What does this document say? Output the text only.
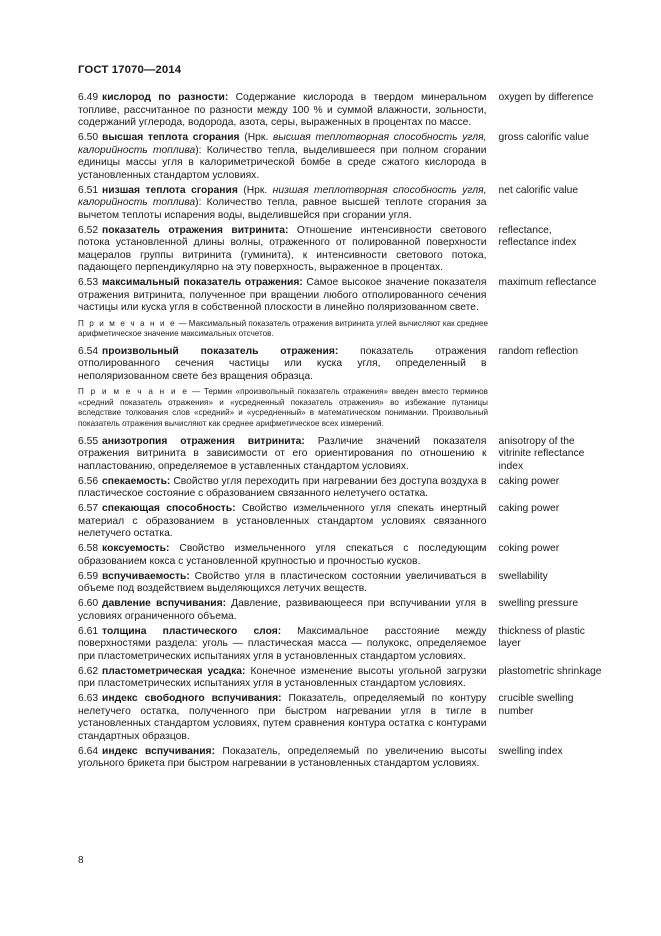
ГОСТ 17070—2014
6.49 кислород по разности: Содержание кислорода в твердом минеральном топливе, рассчитанное по разности между 100 % и суммой влажности, зольности, содержаний углерода, водорода, азота, серы, выраженных в процентах по массе.
oxygen by difference
6.50 высшая теплота сгорания (Нрк. высшая теплотворная способность угля, калорийность топлива): Количество тепла, выделившееся при полном сгорании единицы массы угля в калориметрической бомбе в среде сжатого кислорода в установленных стандартом условиях.
gross calorific value
6.51 низшая теплота сгорания (Нрк. низшая теплотворная способность угля, калорийность топлива): Количество тепла, равное высшей теплоте сгорания за вычетом теплоты испарения воды, выделившейся при сгорании угля.
net calorific value
6.52 показатель отражения витринита: Отношение интенсивности светового потока установленной длины волны, отраженного от полированной поверхности мацералов группы витринита (гуминита), к интенсивности светового потока, падающего перпендикулярно на эту поверхность, выраженное в процентах.
reflectance,
reflectance index
6.53 максимальный показатель отражения: Самое высокое значение показателя отражения витринита, полученное при вращении любого отполированного сечения частицы или куска угля в собственной плоскости в линейно поляризованном свете.
maximum reflectance
П р и м е ч а н и е — Максимальный показатель отражения витринита углей вычисляют как среднее арифметическое значение максимальных отсчетов.
6.54 произвольный показатель отражения: показатель отражения отполированного сечения частицы или куска угля, определенный в неполяризованном свете без вращения образца.
random reflection
П р и м е ч а н и е — Термин «произвольный показатель отражения» введен вместо терминов «средний показатель отражения» и «усредненный показатель отражения» во избежание путаницы вследствие толкования слов «средний» и «усредненный» в математическом понимании. Произвольный показатель отражения вычисляют как среднее арифметическое всех измерений.
6.55 анизотропия отражения витринита: Различие значений показателя отражения витринита в зависимости от его ориентирования по отношению к напластованию, определяемое в уставленных стандартом условиях.
anisotropy of the
vitrinite reflectance
index
6.56 спекаемость: Свойство угля переходить при нагревании без доступа воздуха в пластическое состояние с образованием связанного нелетучего остатка.
caking power
6.57 спекающая способность: Свойство измельченного угля спекать инертный материал с образованием в установленных стандартом условиях связанного нелетучего остатка.
caking power
6.58 коксуемость: Свойство измельченного угля спекаться с последующим образованием кокса с установленной крупностью и прочностью кусков.
coking power
6.59 вспучиваемость: Свойство угля в пластическом состоянии увеличиваться в объеме под воздействием выделяющихся летучих веществ.
swellability
6.60 давление вспучивания: Давление, развивающееся при вспучивании угля в условиях ограниченного объема.
swelling pressure
6.61 толщина пластического слоя: Максимальное расстояние между поверхностями раздела: уголь — пластическая масса — полукокс, определяемое при пластометрических испытаниях угля в установленных стандартом условиях.
thickness of plastic
layer
6.62 пластометрическая усадка: Конечное изменение высоты угольной загрузки при пластометрических испытаниях угля в установленных стандартом условиях.
plastometric shrinkage
6.63 индекс свободного вспучивания: Показатель, определяемый по контуру нелетучего остатка, полученного при быстром нагревании угля в тигле в установленных стандартом условиях, путем сравнения контура остатка с контурами стандартных образцов.
crucible swelling
number
6.64 индекс вспучивания: Показатель, определяемый по увеличению высоты угольного брикета при быстром нагревании в установленных стандартом условиях.
swelling index
8
